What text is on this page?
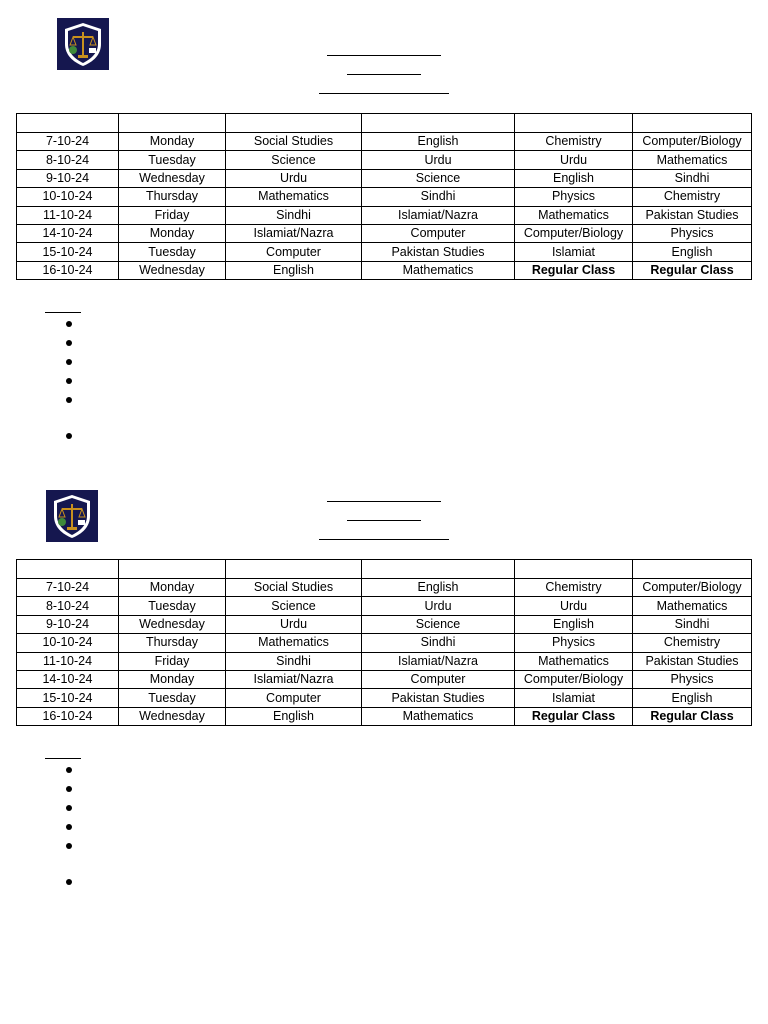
7-10-24	Monday	Social Studies	English	Chemistry	Computer/Biology
8-10-24	Tuesday	Science	Urdu	Urdu	Mathematics
9-10-24	Wednesday	Urdu	Science	English	Sindhi
10-10-24	Thursday	Mathematics	Sindhi	Physics	Chemistry
11-10-24	Friday	Sindhi	Islamiat/Nazra	Mathematics	Pakistan Studies
14-10-24	Monday	Islamiat/Nazra	Computer	Computer/Biology	Physics
15-10-24	Tuesday	Computer	Pakistan Studies	Islamiat	English
16-10-24	Wednesday	English	Mathematics	Regular Class	Regular Class

7-10-24	Monday	Social Studies	English	Chemistry	Computer/Biology
8-10-24	Tuesday	Science	Urdu	Urdu	Mathematics
9-10-24	Wednesday	Urdu	Science	English	Sindhi
10-10-24	Thursday	Mathematics	Sindhi	Physics	Chemistry
11-10-24	Friday	Sindhi	Islamiat/Nazra	Mathematics	Pakistan Studies
14-10-24	Monday	Islamiat/Nazra	Computer	Computer/Biology	Physics
15-10-24	Tuesday	Computer	Pakistan Studies	Islamiat	English
16-10-24	Wednesday	English	Mathematics	Regular Class	Regular Class
